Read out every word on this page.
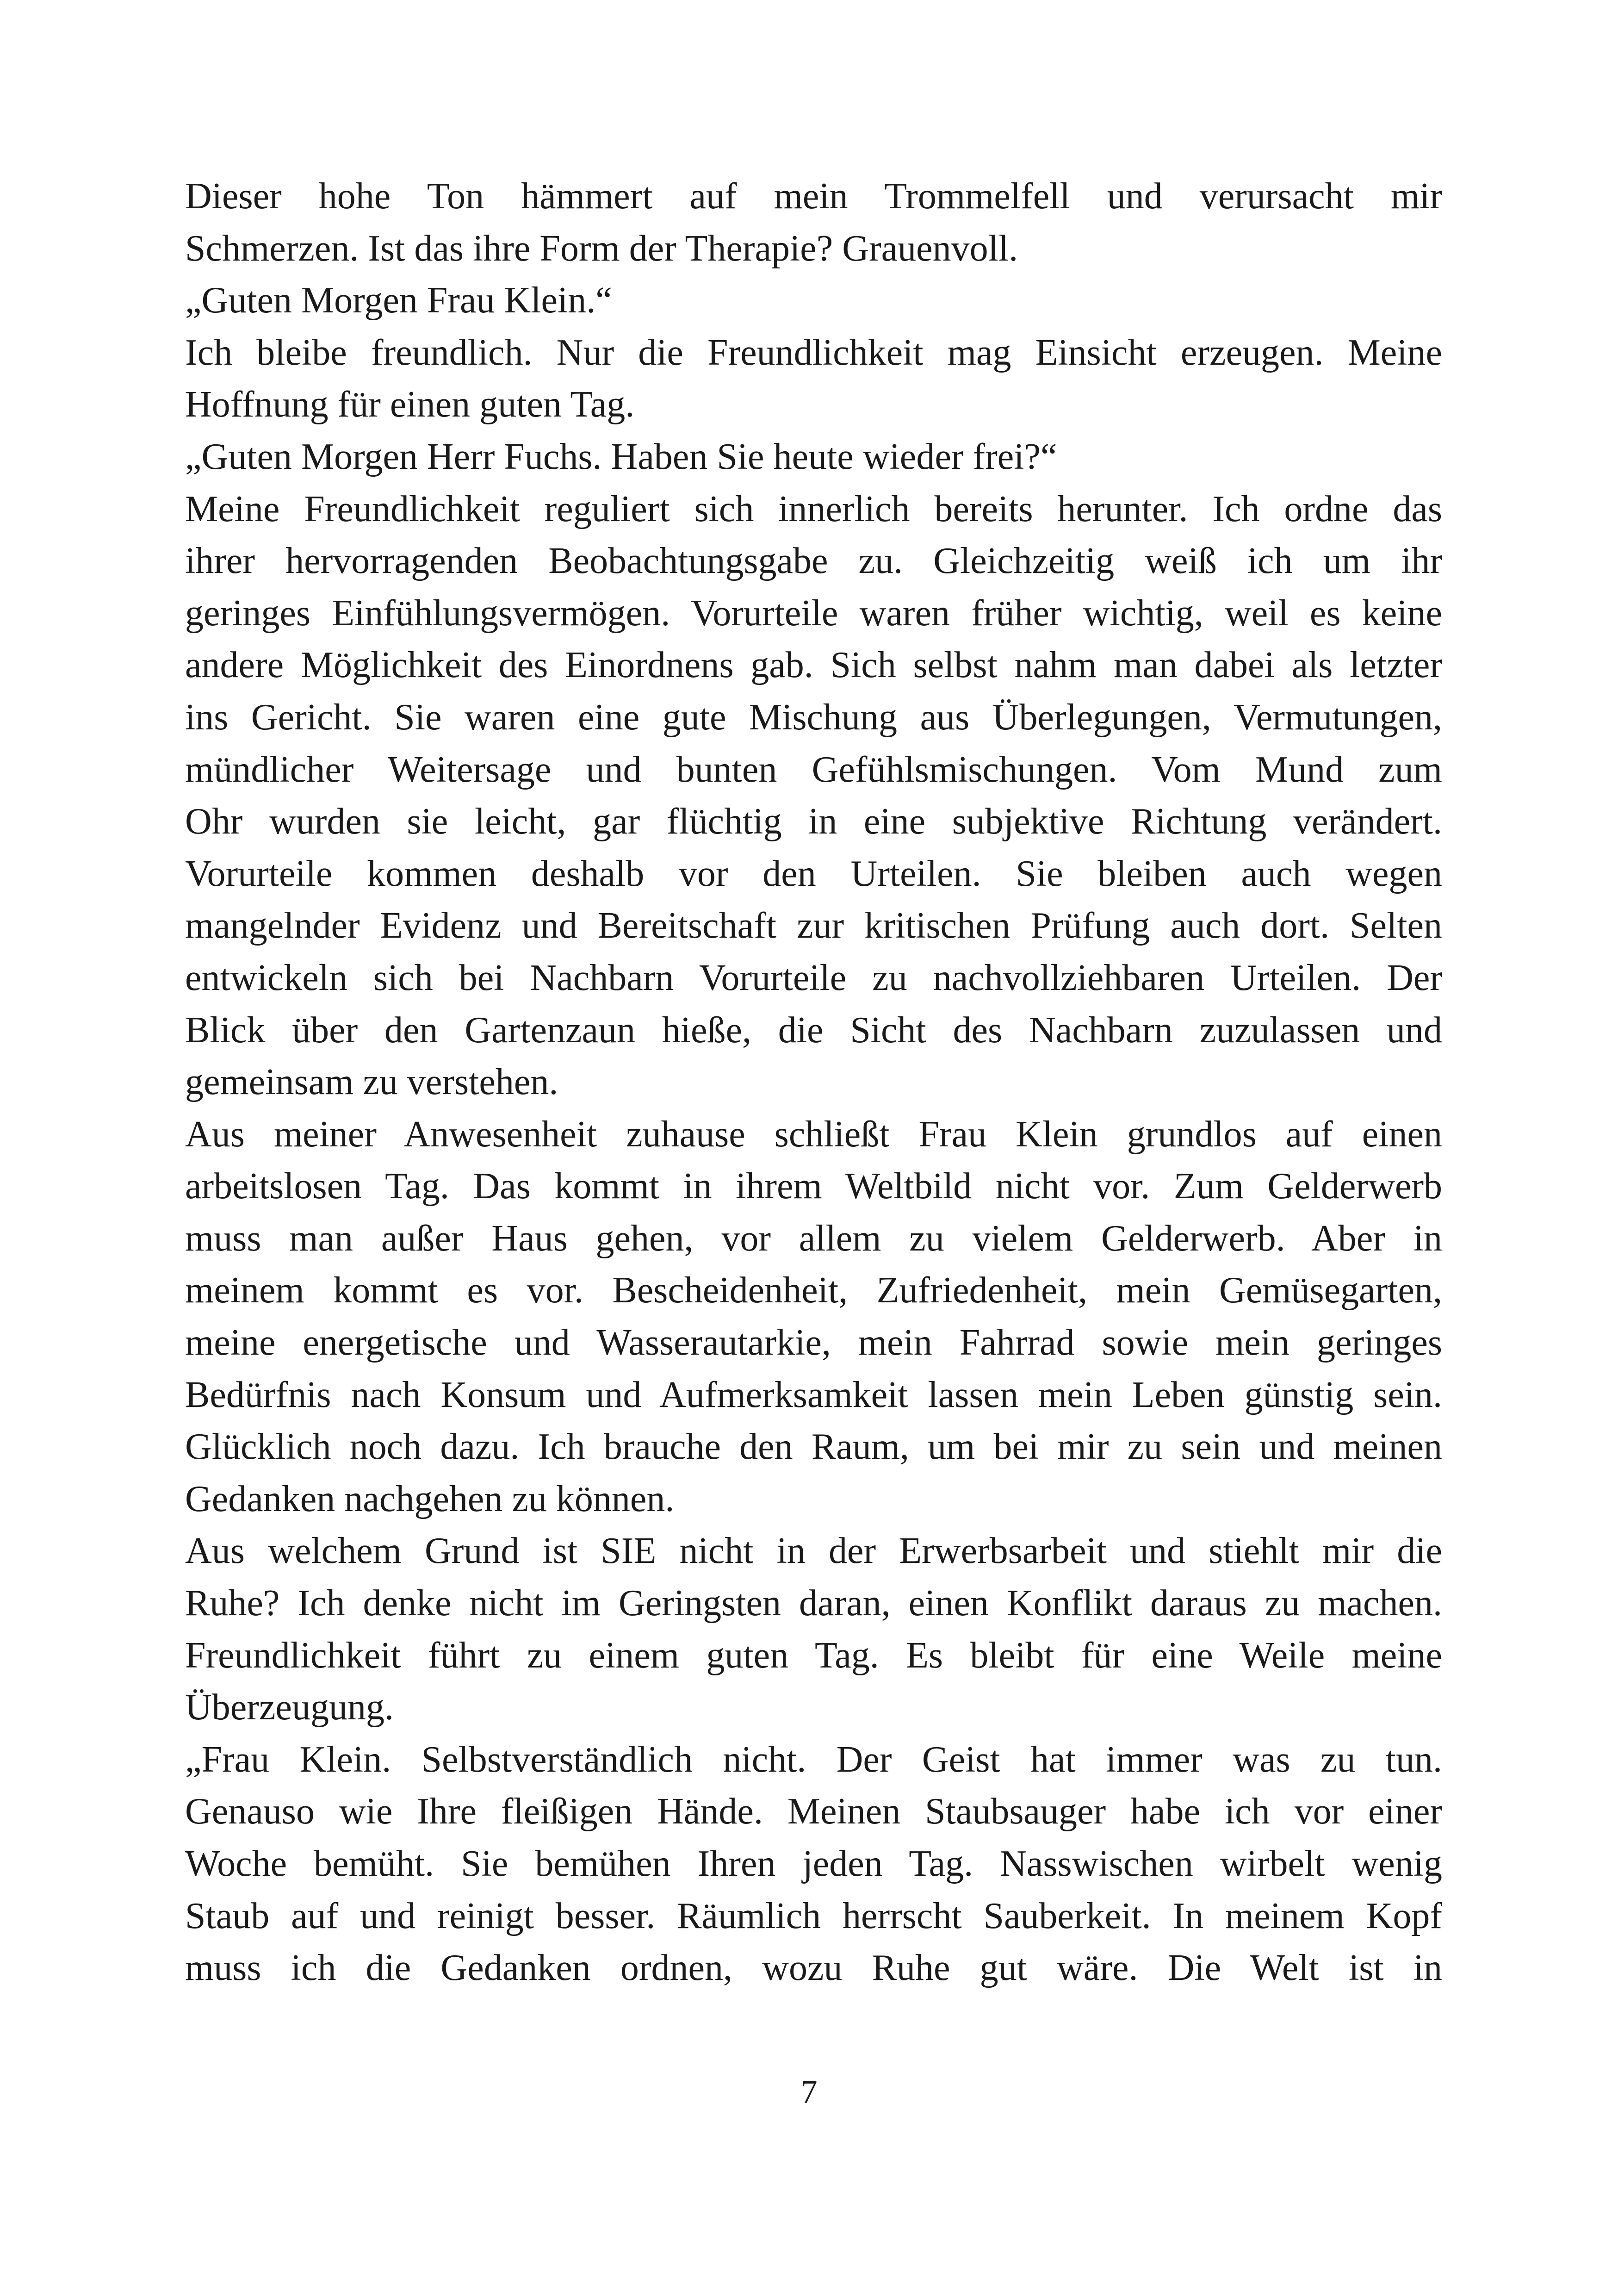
Dieser hohe Ton hämmert auf mein Trommelfell und verursacht mir
Schmerzen. Ist das ihre Form der Therapie? Grauenvoll.
„Guten Morgen Frau Klein.“
Ich bleibe freundlich. Nur die Freundlichkeit mag Einsicht erzeugen. Meine
Hoffnung für einen guten Tag.
„Guten Morgen Herr Fuchs. Haben Sie heute wieder frei?“
Meine Freundlichkeit reguliert sich innerlich bereits herunter. Ich ordne das
ihrer hervorragenden Beobachtungsgabe zu. Gleichzeitig weiß ich um ihr
geringes Einfühlungsvermögen. Vorurteile waren früher wichtig, weil es keine
andere Möglichkeit des Einordnens gab. Sich selbst nahm man dabei als letzter
ins Gericht. Sie waren eine gute Mischung aus Überlegungen, Vermutungen,
mündlicher Weitersage und bunten Gefühlsmischungen. Vom Mund zum
Ohr wurden sie leicht, gar flüchtig in eine subjektive Richtung verändert.
Vorurteile kommen deshalb vor den Urteilen. Sie bleiben auch wegen
mangelnder Evidenz und Bereitschaft zur kritischen Prüfung auch dort. Selten
entwickeln sich bei Nachbarn Vorurteile zu nachvollziehbaren Urteilen. Der
Blick über den Gartenzaun hieße, die Sicht des Nachbarn zuzulassen und
gemeinsam zu verstehen.
Aus meiner Anwesenheit zuhause schließt Frau Klein grundlos auf einen
arbeitslosen Tag. Das kommt in ihrem Weltbild nicht vor. Zum Gelderwerb
muss man außer Haus gehen, vor allem zu vielem Gelderwerb. Aber in
meinem kommt es vor. Bescheidenheit, Zufriedenheit, mein Gemüsegarten,
meine energetische und Wasserautarkie, mein Fahrrad sowie mein geringes
Bedürfnis nach Konsum und Aufmerksamkeit lassen mein Leben günstig sein.
Glücklich noch dazu. Ich brauche den Raum, um bei mir zu sein und meinen
Gedanken nachgehen zu können.
Aus welchem Grund ist SIE nicht in der Erwerbsarbeit und stiehlt mir die
Ruhe? Ich denke nicht im Geringsten daran, einen Konflikt daraus zu machen.
Freundlichkeit führt zu einem guten Tag. Es bleibt für eine Weile meine
Überzeugung.
„Frau Klein. Selbstverständlich nicht. Der Geist hat immer was zu tun.
Genauso wie Ihre fleißigen Hände. Meinen Staubsauger habe ich vor einer
Woche bemüht. Sie bemühen Ihren jeden Tag. Nasswischen wirbelt wenig
Staub auf und reinigt besser. Räumlich herrscht Sauberkeit. In meinem Kopf
muss ich die Gedanken ordnen, wozu Ruhe gut wäre. Die Welt ist in
7
